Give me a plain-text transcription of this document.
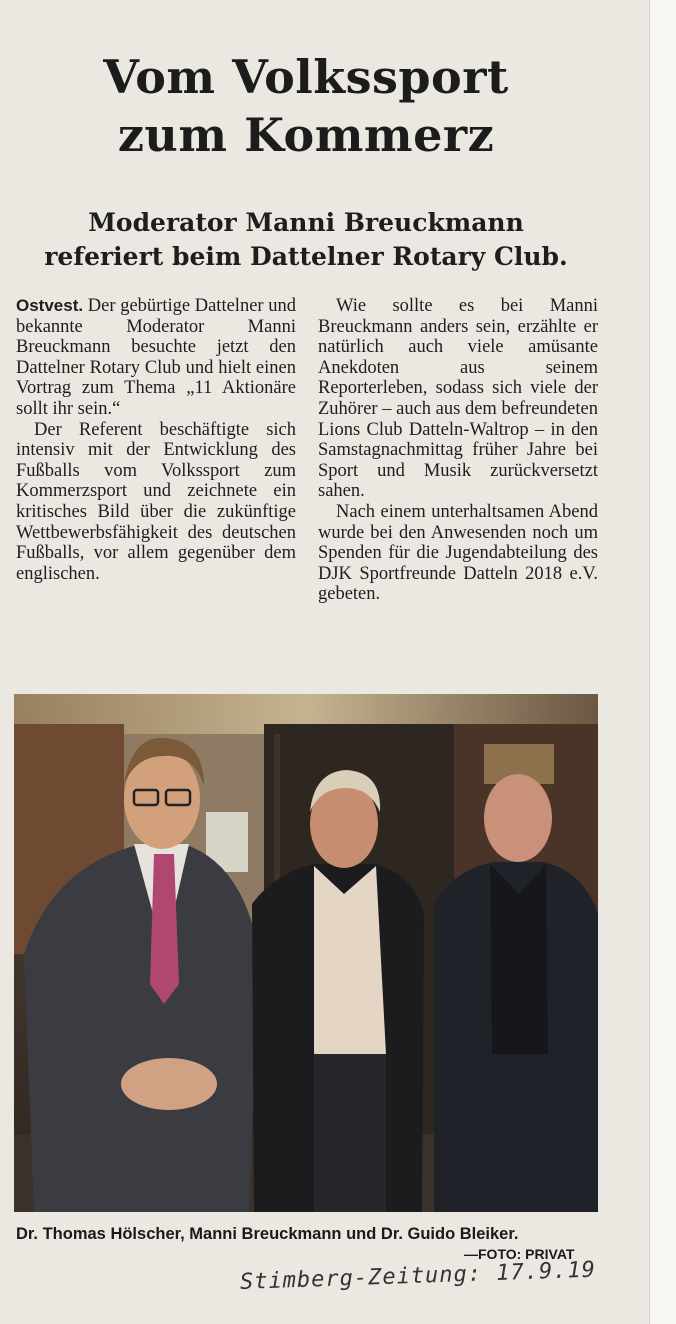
Vom Volkssport
zum Kommerz
Moderator Manni Breuckmann
referiert beim Dattelner Rotary Club.

Ostvest. Der gebürtige Dattelner und bekannte Moderator Manni Breuckmann besuchte jetzt den Dattelner Rotary Club und hielt einen Vortrag zum Thema „11 Aktionäre sollt ihr sein.“

Der Referent beschäftigte sich intensiv mit der Entwicklung des Fußballs vom Volkssport zum Kommerzsport und zeichnete ein kritisches Bild über die zukünftige Wettbewerbsfähigkeit des deutschen Fußballs, vor allem gegenüber dem englischen.

Wie sollte es bei Manni Breuckmann anders sein, erzählte er natürlich auch viele amüsante Anekdoten aus seinem Reporterleben, sodass sich viele der Zuhörer – auch aus dem befreundeten Lions Club Datteln-Waltrop – in den Samstagnachmittag früher Jahre bei Sport und Musik zurückversetzt sahen.

Nach einem unterhaltsamen Abend wurde bei den Anwesenden noch um Spenden für die Jugendabteilung des DJK Sportfreunde Datteln 2018 e.V. gebeten.

Dr. Thomas Hölscher, Manni Breuckmann und Dr. Guido Bleiker.
—FOTO: PRIVAT
Stimberg-Zeitung: 17.9.19
